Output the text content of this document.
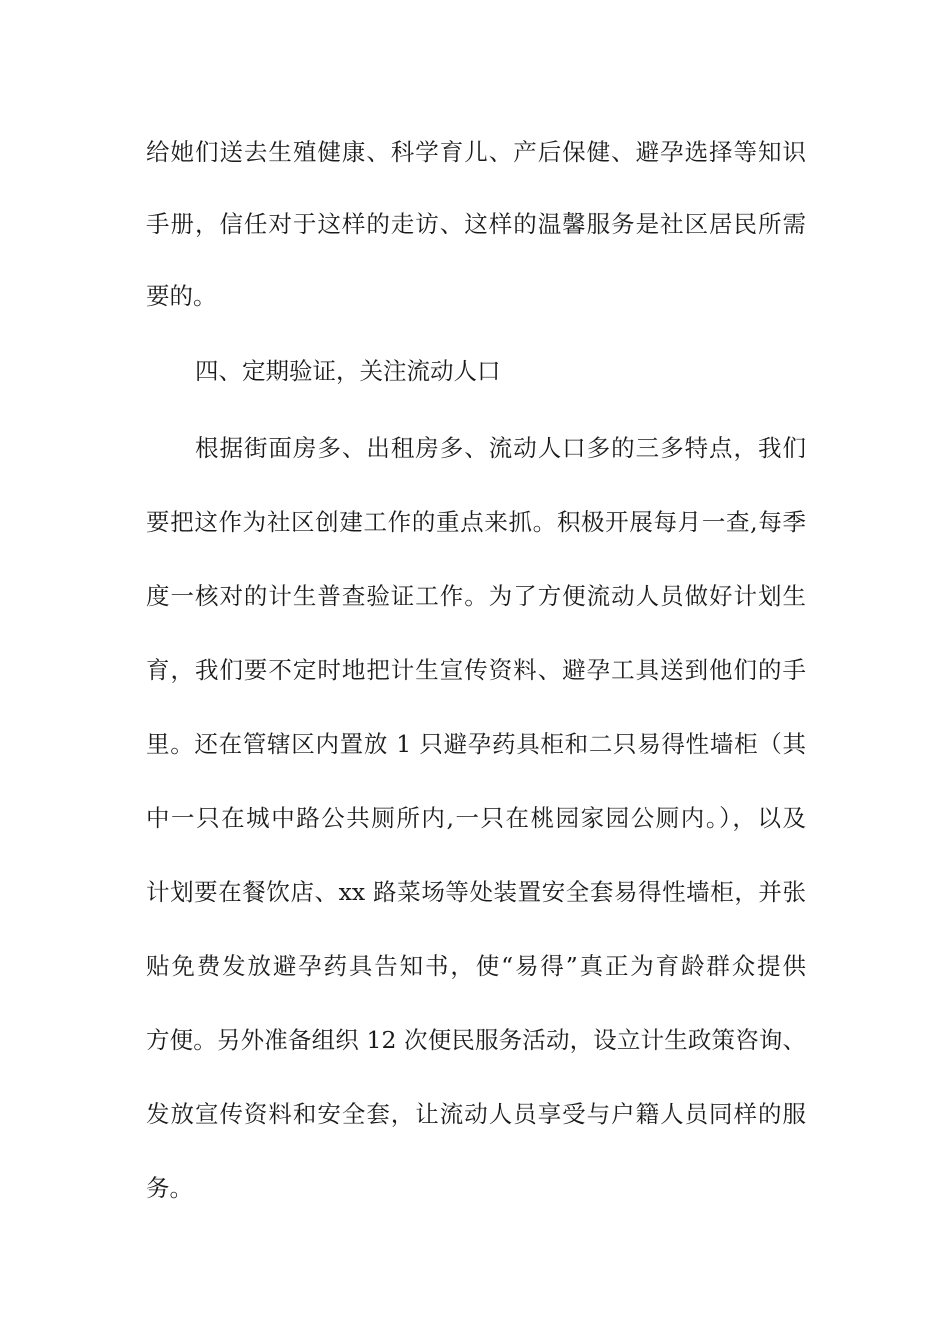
给她们送去生殖健康、科学育儿、产后保健、避孕选择等知识
手册，信任对于这样的走访、这样的温馨服务是社区居民所需
要的。
四、定期验证，关注流动人口
根据街面房多、出租房多、流动人口多的三多特点，我们
要把这作为社区创建工作的重点来抓。积极开展每月一查,每季
度一核对的计生普查验证工作。为了方便流动人员做好计划生
育，我们要不定时地把计生宣传资料、避孕工具送到他们的手
里。还在管辖区内置放 1 只避孕药具柜和二只易得性墙柜（其
中一只在城中路公共厕所内,一只在桃园家园公厕内。），以及
计划要在餐饮店、xx 路菜场等处装置安全套易得性墙柜，并张
贴免费发放避孕药具告知书，使“易得”真正为育龄群众提供
方便。另外准备组织 12 次便民服务活动，设立计生政策咨询、
发放宣传资料和安全套，让流动人员享受与户籍人员同样的服
务。
